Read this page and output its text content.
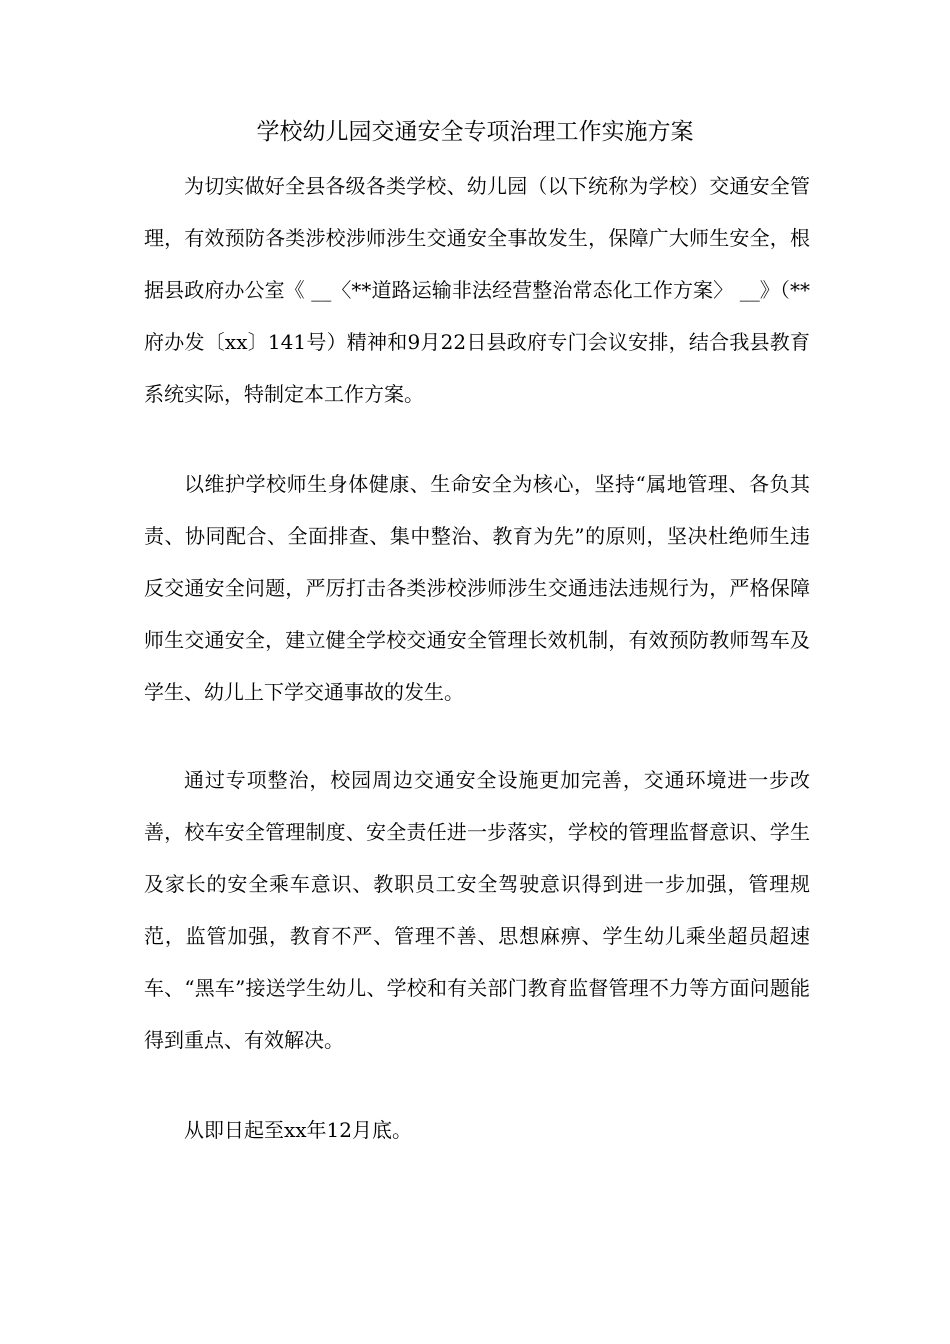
学校幼儿园交通安全专项治理工作实施方案

为切实做好全县各级各类学校、幼儿园（以下统称为学校）交通安全管理，有效预防各类涉校涉师涉生交通安全事故发生，保障广大师生安全，根据县政府办公室《 __〈**道路运输非法经营整治常态化工作方案〉 __》（**府办发〔xx〕141号）精神和9月22日县政府专门会议安排，结合我县教育系统实际，特制定本工作方案。

以维护学校师生身体健康、生命安全为核心，坚持“属地管理、各负其责、协同配合、全面排查、集中整治、教育为先”的原则，坚决杜绝师生违反交通安全问题，严厉打击各类涉校涉师涉生交通违法违规行为，严格保障师生交通安全，建立健全学校交通安全管理长效机制，有效预防教师驾车及学生、幼儿上下学交通事故的发生。

通过专项整治，校园周边交通安全设施更加完善，交通环境进一步改善，校车安全管理制度、安全责任进一步落实，学校的管理监督意识、学生及家长的安全乘车意识、教职员工安全驾驶意识得到进一步加强，管理规范，监管加强，教育不严、管理不善、思想麻痹、学生幼儿乘坐超员超速车、“黑车”接送学生幼儿、学校和有关部门教育监督管理不力等方面问题能得到重点、有效解决。

从即日起至xx年12月底。
